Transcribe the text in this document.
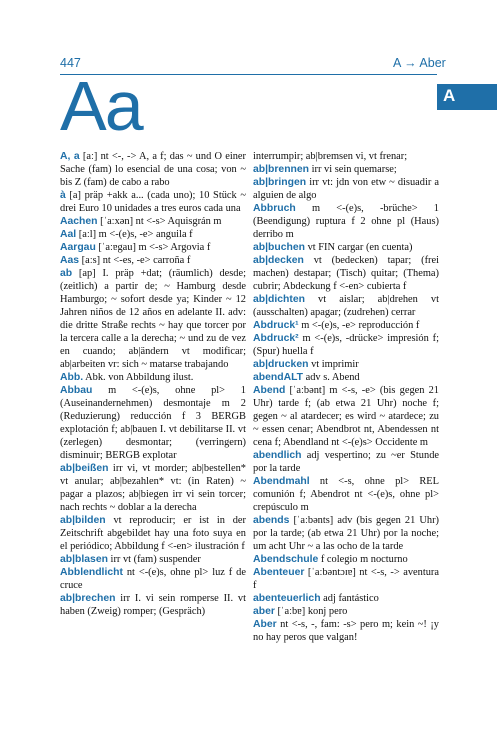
447	A → Aber
A
Aa

A, a [aː] nt <-, -> A, a f; das ~ und O einer Sache (fam) lo esencial de una cosa; von ~ bis Z (fam) de cabo a rabo

à [a] präp +akk a... (cada uno); 10 Stück ~ drei Euro 10 unidades a tres euros cada una

Aachen [ˈaːxən] nt <-s> Aquisgrán m

Aal [aːl] m <-(e)s, -e> anguila f

Aargau [ˈaːɐgau] m <-s> Argovia f

Aas [aːs] nt <-es, -e> carroña f

ab [ap] I. präp +dat; (räumlich) desde; (zeitlich) a partir de; ~ Hamburg desde Hamburgo; ~ sofort desde ya; Kinder ~ 12 Jahren niños de 12 años en adelante II. adv: die dritte Straße rechts ~ hay que torcer por la tercera calle a la derecha; ~ und zu de vez en cuando; ab|ändern vt modificar; ab|arbeiten vr: sich ~ matarse trabajando

Abb. Abk. von Abbildung ilust.

Abbau m <-(e)s, ohne pl> 1 (Auseinandernehmen) desmontaje m 2 (Reduzierung) reducción f 3 BERGB explotación f; ab|bauen I. vt debilitarse II. vt (zerlegen) desmontar; (verringern) disminuir; BERGB explotar

ab|beißen irr vi, vt morder; ab|bestellen* vt anular; ab|bezahlen* vt: (in Raten) ~ pagar a plazos; ab|biegen irr vi sein torcer; nach rechts ~ doblar a la derecha

ab|bilden vt reproducir; er ist in der Zeitschrift abgebildet hay una foto suya en el periódico; Abbildung f <-en> ilustración f

ab|blasen irr vt (fam) suspender

Abblendlicht nt <-(e)s, ohne pl> luz f de cruce

ab|brechen irr I. vi sein romperse II. vt haben (Zweig) romper; (Gespräch)

interrumpir; ab|bremsen vi, vt frenar;

ab|brennen irr vi sein quemarse;

ab|bringen irr vt: jdn von etw ~ disuadir a alguien de algo

Abbruch m <-(e)s, -brüche> 1 (Beendigung) ruptura f 2 ohne pl (Haus) derribo m

ab|buchen vt FIN cargar (en cuenta)

ab|decken vt (bedecken) tapar; (frei machen) destapar; (Tisch) quitar; (Thema) cubrir; Abdeckung f <-en> cubierta f

ab|dichten vt aislar; ab|drehen vt (ausschalten) apagar; (zudrehen) cerrar

Abdruck¹ m <-(e)s, -e> reproducción f

Abdruck² m <-(e)s, -drücke> impresión f; (Spur) huella f

ab|drucken vt imprimir

abendALT adv s. Abend

Abend [ˈaːbənt] m <-s, -e> (bis gegen 21 Uhr) tarde f; (ab etwa 21 Uhr) noche f; gegen ~ al atardecer; es wird ~ atardece; zu ~ essen cenar; Abendbrot nt, Abendessen nt cena f; Abendland nt <-(e)s> Occidente m

abendlich adj vespertino; zu ~er Stunde por la tarde

Abendmahl nt <-s, ohne pl> REL comunión f; Abendrot nt <-(e)s, ohne pl> crepúsculo m

abends [ˈaːbənts] adv (bis gegen 21 Uhr) por la tarde; (ab etwa 21 Uhr) por la noche; um acht Uhr ~ a las ocho de la tarde

Abendschule f colegio m nocturno

Abenteuer [ˈaːbəntɔɪɐ] nt <-s, -> aventura f

abenteuerlich adj fantástico

aber [ˈaːbɐ] konj pero

Aber nt <-s, -, fam: -s> pero m; kein ~! ¡y no hay peros que valgan!
